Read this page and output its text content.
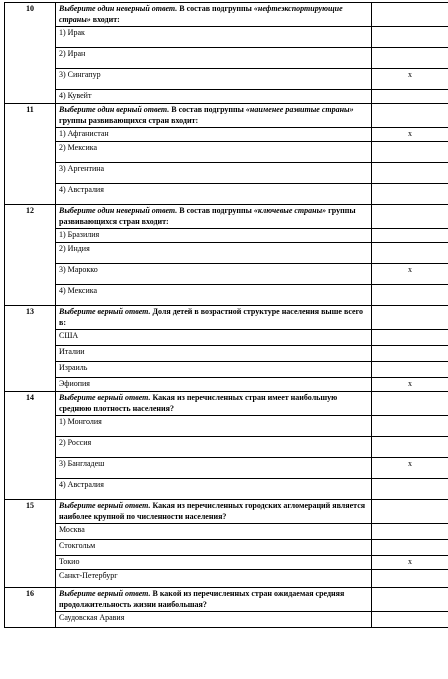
10	Выберите один неверный ответ. В состав подгруппы «нефтеэкспортирующие страны» входит:	
	1) Ирак	
	2) Иран	
	3) Сингапур	x
	4) Кувейт	
11	Выберите один верный ответ. В состав подгруппы «наименее развитые страны» группы развивающихся стран входит:	
	1) Афганистан	x
	2) Мексика	
	3) Аргентина	
	4) Австралия	
12	Выберите один неверный ответ. В состав подгруппы «ключевые страны» группы развивающихся стран входит:	
	1) Бразилия	
	2) Индия	
	3) Марокко	x
	4) Мексика	
13	Выберите верный ответ. Доля детей в возрастной структуре населения выше всего в:	
	США	
	Италии	
	Израиль	
	Эфиопия	x
14	Выберите верный ответ. Какая из перечисленных стран имеет наибольшую среднюю плотность населения?	
	1) Монголия	
	2) Россия	
	3) Бангладеш	x
	4) Австралия	
15	Выберите верный ответ. Какая из перечисленных городских агломераций является наиболее крупной по численности населения?	
	Москва	
	Стокгольм	
	Токио	x
	Санкт-Петербург	
16	Выберите верный ответ. В какой из перечисленных стран ожидаемая средняя продолжительность жизни наибольшая?	
	Саудовская Аравия	
